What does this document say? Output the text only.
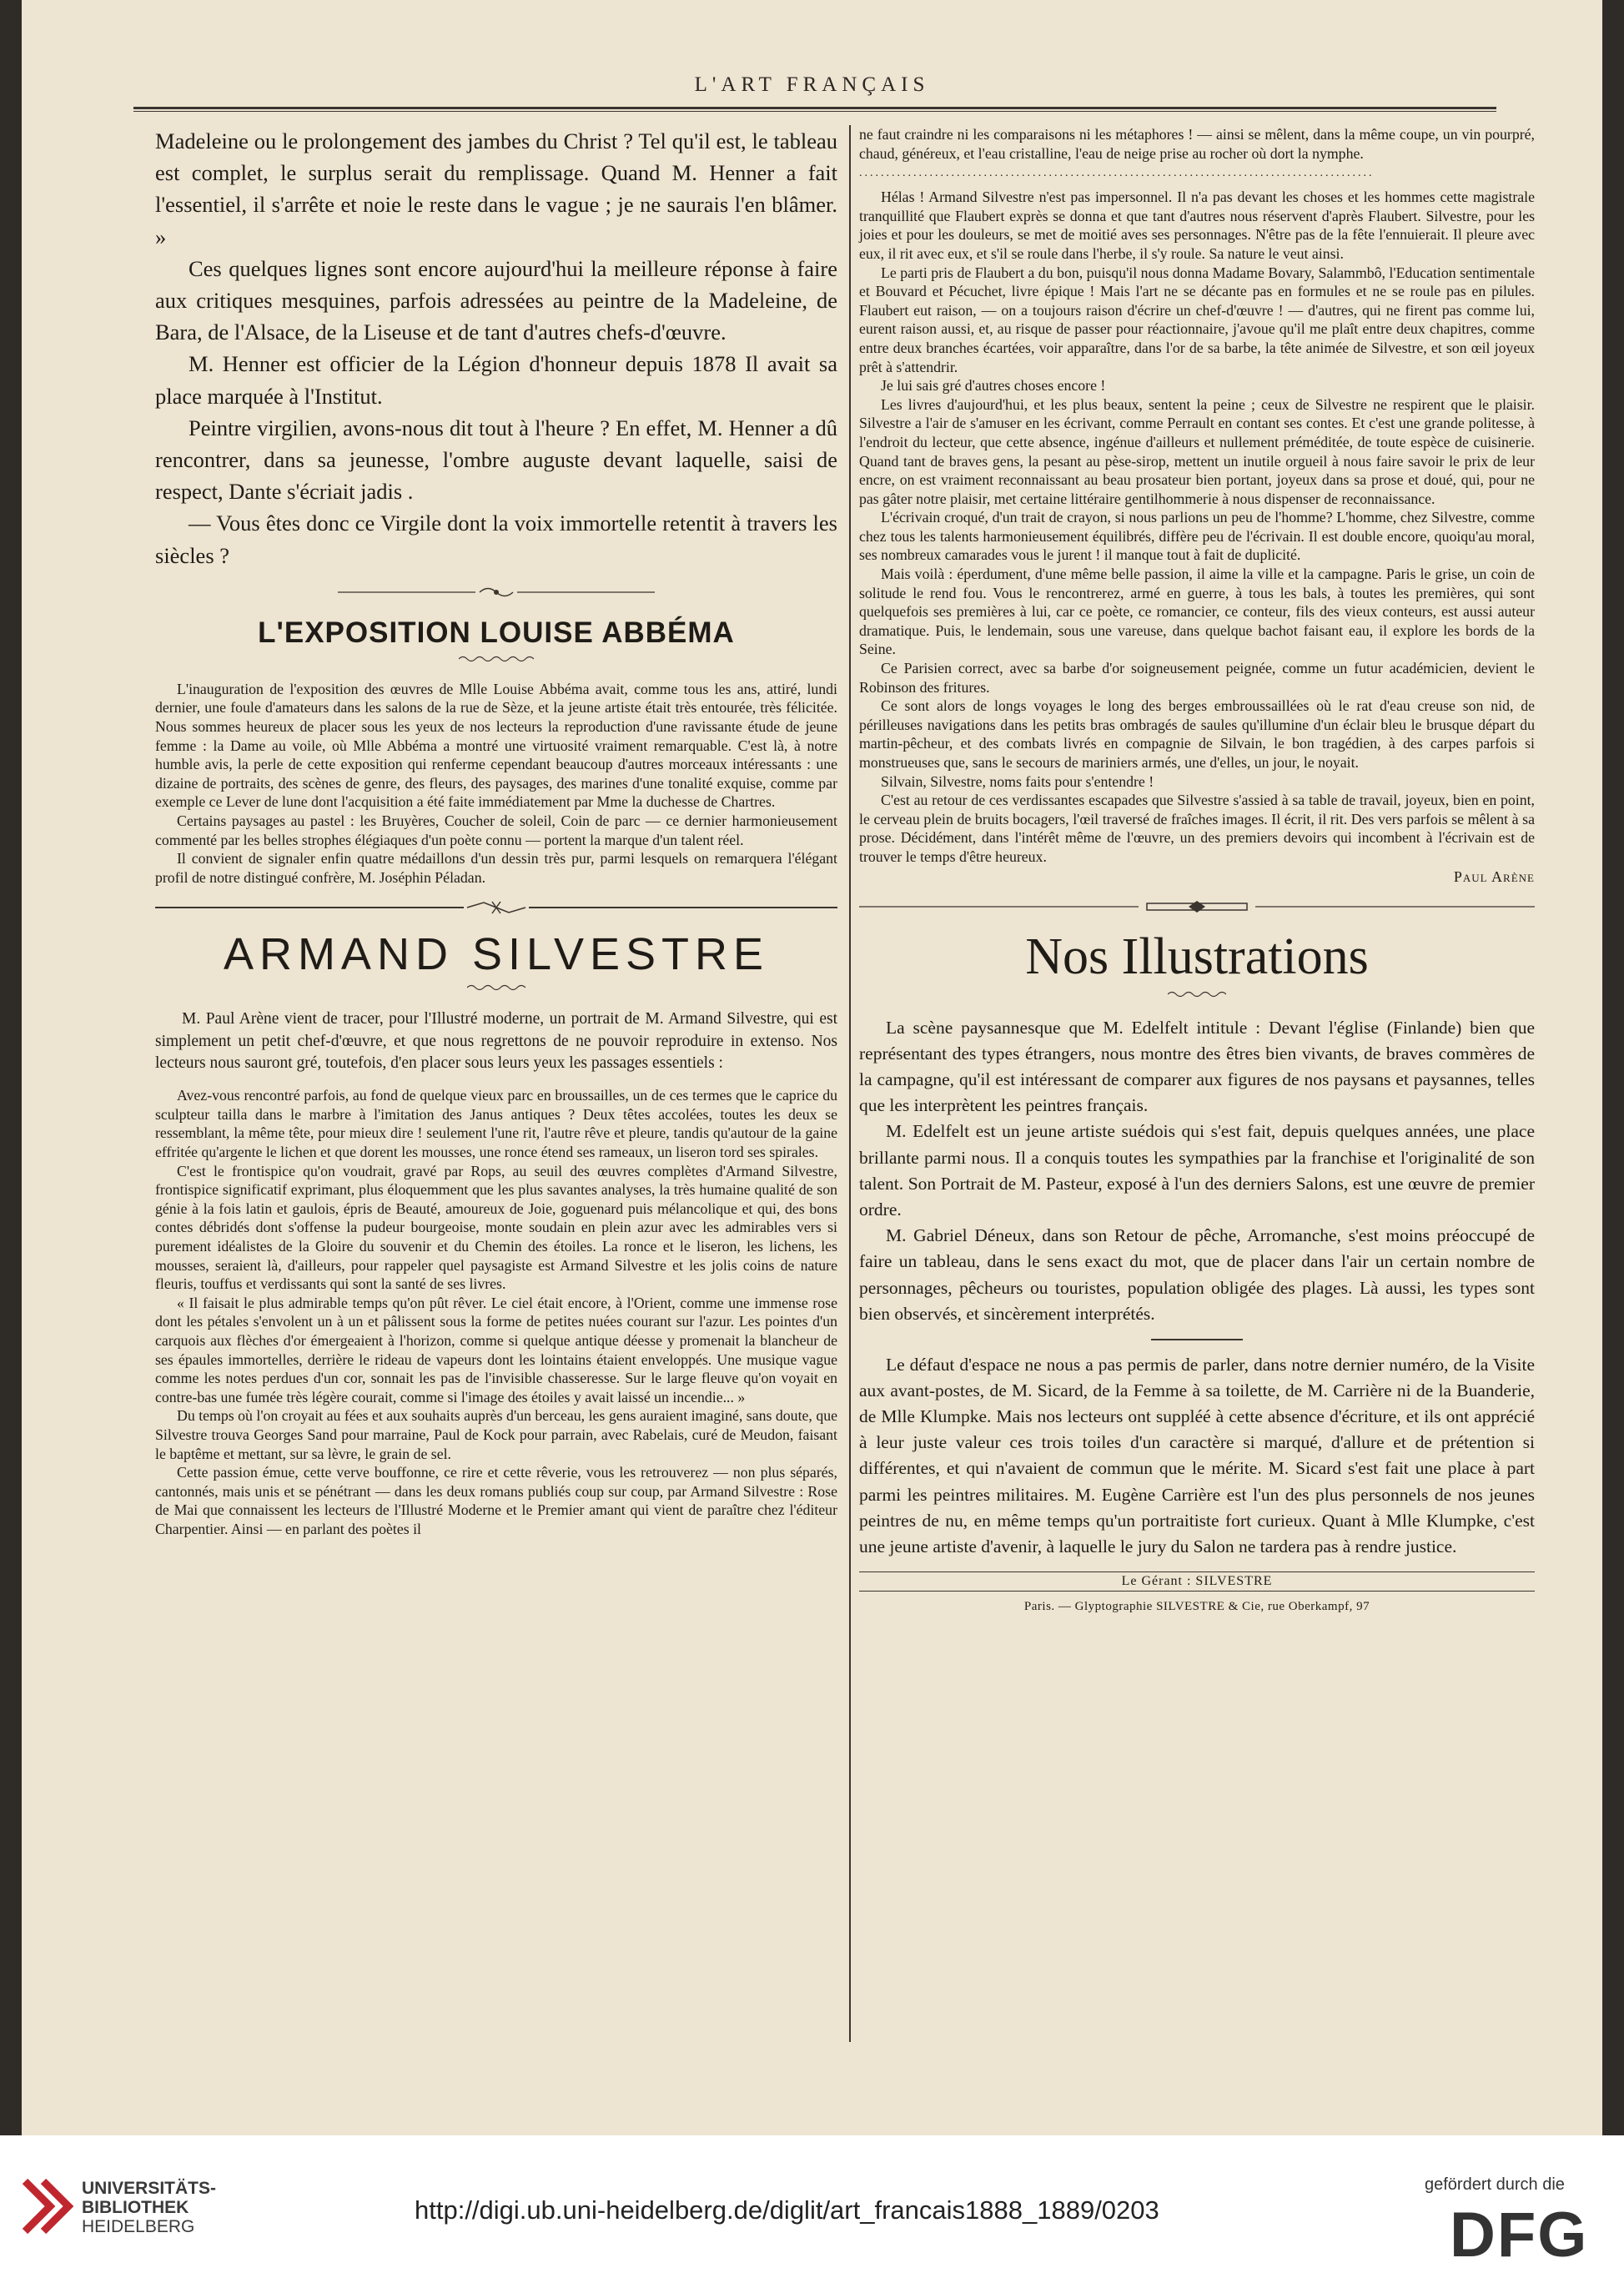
L'ART FRANÇAIS

Madeleine ou le prolongement des jambes du Christ ? Tel qu'il est, le tableau est complet, le surplus serait du remplissage. Quand M. Henner a fait l'essentiel, il s'arrête et noie le reste dans le vague ; je ne saurais l'en blâmer. »

Ces quelques lignes sont encore aujourd'hui la meilleure réponse à faire aux critiques mesquines, parfois adressées au peintre de la Madeleine, de Bara, de l'Alsace, de la Liseuse et de tant d'autres chefs-d'œuvre.

M. Henner est officier de la Légion d'honneur depuis 1878 Il avait sa place marquée à l'Institut.

Peintre virgilien, avons-nous dit tout à l'heure ? En effet, M. Henner a dû rencontrer, dans sa jeunesse, l'ombre auguste devant laquelle, saisi de respect, Dante s'écriait jadis .

— Vous êtes donc ce Virgile dont la voix immortelle retentit à travers les siècles ?

L'EXPOSITION LOUISE ABBÉMA

L'inauguration de l'exposition des œuvres de Mlle Louise Abbéma avait, comme tous les ans, attiré, lundi dernier, une foule d'amateurs dans les salons de la rue de Sèze, et la jeune artiste était très entourée, très félicitée. Nous sommes heureux de placer sous les yeux de nos lecteurs la reproduction d'une ravissante étude de jeune femme : la Dame au voile, où Mlle Abbéma a montré une virtuosité vraiment remarquable. C'est là, à notre humble avis, la perle de cette exposition qui renferme cependant beaucoup d'autres morceaux intéressants : une dizaine de portraits, des scènes de genre, des fleurs, des paysages, des marines d'une tonalité exquise, comme par exemple ce Lever de lune dont l'acquisition a été faite immédiatement par Mme la duchesse de Chartres.

Certains paysages au pastel : les Bruyères, Coucher de soleil, Coin de parc — ce dernier harmonieusement commenté par les belles strophes élégiaques d'un poète connu — portent la marque d'un talent réel.

Il convient de signaler enfin quatre médaillons d'un dessin très pur, parmi lesquels on remarquera l'élégant profil de notre distingué confrère, M. Joséphin Péladan.

ARMAND SILVESTRE

M. Paul Arène vient de tracer, pour l'Illustré moderne, un portrait de M. Armand Silvestre, qui est simplement un petit chef-d'œuvre, et que nous regrettons de ne pouvoir reproduire in extenso. Nos lecteurs nous sauront gré, toutefois, d'en placer sous leurs yeux les passages essentiels :

Avez-vous rencontré parfois, au fond de quelque vieux parc en broussailles, un de ces termes que le caprice du sculpteur tailla dans le marbre à l'imitation des Janus antiques ? Deux têtes accolées, toutes les deux se ressemblant, la même tête, pour mieux dire ! seulement l'une rit, l'autre rêve et pleure, tandis qu'autour de la gaine effritée qu'argente le lichen et que dorent les mousses, une ronce étend ses rameaux, un liseron tord ses spirales.

C'est le frontispice qu'on voudrait, gravé par Rops, au seuil des œuvres complètes d'Armand Silvestre, frontispice significatif exprimant, plus éloquemment que les plus savantes analyses, la très humaine qualité de son génie à la fois latin et gaulois, épris de Beauté, amoureux de Joie, goguenard puis mélancolique et qui, des bons contes débridés dont s'offense la pudeur bourgeoise, monte soudain en plein azur avec les admirables vers si purement idéalistes de la Gloire du souvenir et du Chemin des étoiles. La ronce et le liseron, les lichens, les mousses, seraient là, d'ailleurs, pour rappeler quel paysagiste est Armand Silvestre et les jolis coins de nature fleuris, touffus et verdissants qui sont la santé de ses livres.

« Il faisait le plus admirable temps qu'on pût rêver. Le ciel était encore, à l'Orient, comme une immense rose dont les pétales s'envolent un à un et pâlissent sous la forme de petites nuées courant sur l'azur. Les pointes d'un carquois aux flèches d'or émergeaient à l'horizon, comme si quelque antique déesse y promenait la blancheur de ses épaules immortelles, derrière le rideau de vapeurs dont les lointains étaient enveloppés. Une musique vague comme les notes perdues d'un cor, sonnait les pas de l'invisible chasseresse. Sur le large fleuve qu'on voyait en contre-bas une fumée très légère courait, comme si l'image des étoiles y avait laissé un incendie... »

Du temps où l'on croyait au fées et aux souhaits auprès d'un berceau, les gens auraient imaginé, sans doute, que Silvestre trouva Georges Sand pour marraine, Paul de Kock pour parrain, avec Rabelais, curé de Meudon, faisant le baptême et mettant, sur sa lèvre, le grain de sel.

Cette passion émue, cette verve bouffonne, ce rire et cette rêverie, vous les retrouverez — non plus séparés, cantonnés, mais unis et se pénétrant — dans les deux romans publiés coup sur coup, par Armand Silvestre : Rose de Mai que connaissent les lecteurs de l'Illustré Moderne et le Premier amant qui vient de paraître chez l'éditeur Charpentier. Ainsi — en parlant des poètes il

ne faut craindre ni les comparaisons ni les métaphores ! — ainsi se mêlent, dans la même coupe, un vin pourpré, chaud, généreux, et l'eau cristalline, l'eau de neige prise au rocher où dort la nymphe.

...............................................................................................

Hélas ! Armand Silvestre n'est pas impersonnel. Il n'a pas devant les choses et les hommes cette magistrale tranquillité que Flaubert exprès se donna et que tant d'autres nous réservent d'après Flaubert. Silvestre, pour les joies et pour les douleurs, se met de moitié aves ses personnages. N'être pas de la fête l'ennuierait. Il pleure avec eux, il rit avec eux, et s'il se roule dans l'herbe, il s'y roule. Sa nature le veut ainsi.

Le parti pris de Flaubert a du bon, puisqu'il nous donna Madame Bovary, Salammbô, l'Education sentimentale et Bouvard et Pécuchet, livre épique ! Mais l'art ne se décante pas en formules et ne se roule pas en pilules. Flaubert eut raison, — on a toujours raison d'écrire un chef-d'œuvre ! — d'autres, qui ne firent pas comme lui, eurent raison aussi, et, au risque de passer pour réactionnaire, j'avoue qu'il me plaît entre deux chapitres, comme entre deux branches écartées, voir apparaître, dans l'or de sa barbe, la tête animée de Silvestre, et son œil joyeux prêt à s'attendrir.

Je lui sais gré d'autres choses encore !

Les livres d'aujourd'hui, et les plus beaux, sentent la peine ; ceux de Silvestre ne respirent que le plaisir. Silvestre a l'air de s'amuser en les écrivant, comme Perrault en contant ses contes. Et c'est une grande politesse, à l'endroit du lecteur, que cette absence, ingénue d'ailleurs et nullement préméditée, de toute espèce de cuisinerie. Quand tant de braves gens, la pesant au pèse-sirop, mettent un inutile orgueil à nous faire savoir le prix de leur encre, on est vraiment reconnaissant au beau prosateur bien portant, joyeux dans sa prose et doué, qui, pour ne pas gâter notre plaisir, met certaine littéraire gentilhommerie à nous dispenser de reconnaissance.

L'écrivain croqué, d'un trait de crayon, si nous parlions un peu de l'homme? L'homme, chez Silvestre, comme chez tous les talents harmonieusement équilibrés, diffère peu de l'écrivain. Il est double encore, quoiqu'au moral, ses nombreux camarades vous le jurent ! il manque tout à fait de duplicité.

Mais voilà : éperdument, d'une même belle passion, il aime la ville et la campagne. Paris le grise, un coin de solitude le rend fou. Vous le rencontrerez, armé en guerre, à tous les bals, à toutes les premières, qui sont quelquefois ses premières à lui, car ce poète, ce romancier, ce conteur, fils des vieux conteurs, est aussi auteur dramatique. Puis, le lendemain, sous une vareuse, dans quelque bachot faisant eau, il explore les bords de la Seine.

Ce Parisien correct, avec sa barbe d'or soigneusement peignée, comme un futur académicien, devient le Robinson des fritures.

Ce sont alors de longs voyages le long des berges embroussaillées où le rat d'eau creuse son nid, de périlleuses navigations dans les petits bras ombragés de saules qu'illumine d'un éclair bleu le brusque départ du martin-pêcheur, et des combats livrés en compagnie de Silvain, le bon tragédien, à des carpes parfois si monstrueuses que, sans le secours de mariniers armés, une d'elles, un jour, le noyait.

Silvain, Silvestre, noms faits pour s'entendre !

C'est au retour de ces verdissantes escapades que Silvestre s'assied à sa table de travail, joyeux, bien en point, le cerveau plein de bruits bocagers, l'œil traversé de fraîches images. Il écrit, il rit. Des vers parfois se mêlent à sa prose. Décidément, dans l'intérêt même de l'œuvre, un des premiers devoirs qui incombent à l'écrivain est de trouver le temps d'être heureux.

Paul Arène
Nos Illustrations

La scène paysannesque que M. Edelfelt intitule : Devant l'église (Finlande) bien que représentant des types étrangers, nous montre des êtres bien vivants, de braves commères de la campagne, qu'il est intéressant de comparer aux figures de nos paysans et paysannes, telles que les interprètent les peintres français.

M. Edelfelt est un jeune artiste suédois qui s'est fait, depuis quelques années, une place brillante parmi nous. Il a conquis toutes les sympathies par la franchise et l'originalité de son talent. Son Portrait de M. Pasteur, exposé à l'un des derniers Salons, est une œuvre de premier ordre.

M. Gabriel Déneux, dans son Retour de pêche, Arromanche, s'est moins préoccupé de faire un tableau, dans le sens exact du mot, que de placer dans l'air un certain nombre de personnages, pêcheurs ou touristes, population obligée des plages. Là aussi, les types sont bien observés, et sincèrement interprétés.

Le défaut d'espace ne nous a pas permis de parler, dans notre dernier numéro, de la Visite aux avant-postes, de M. Sicard, de la Femme à sa toilette, de M. Carrière ni de la Buanderie, de Mlle Klumpke. Mais nos lecteurs ont suppléé à cette absence d'écriture, et ils ont apprécié à leur juste valeur ces trois toiles d'un caractère si marqué, d'allure et de prétention si différentes, et qui n'avaient de commun que le mérite. M. Sicard s'est fait une place à part parmi les peintres militaires. M. Eugène Carrière est l'un des plus personnels de nos jeunes peintres de nu, en même temps qu'un portraitiste fort curieux. Quant à Mlle Klumpke, c'est une jeune artiste d'avenir, à laquelle le jury du Salon ne tardera pas à rendre justice.

Le Gérant : SILVESTRE
Paris. — Glyptographie SILVESTRE & Cie, rue Oberkampf, 97
UNIVERSITÄTS-
BIBLIOTHEK
HEIDELBERG
http://digi.ub.uni-heidelberg.de/diglit/art_francais1888_1889/0203
gefördert durch die
DFG
